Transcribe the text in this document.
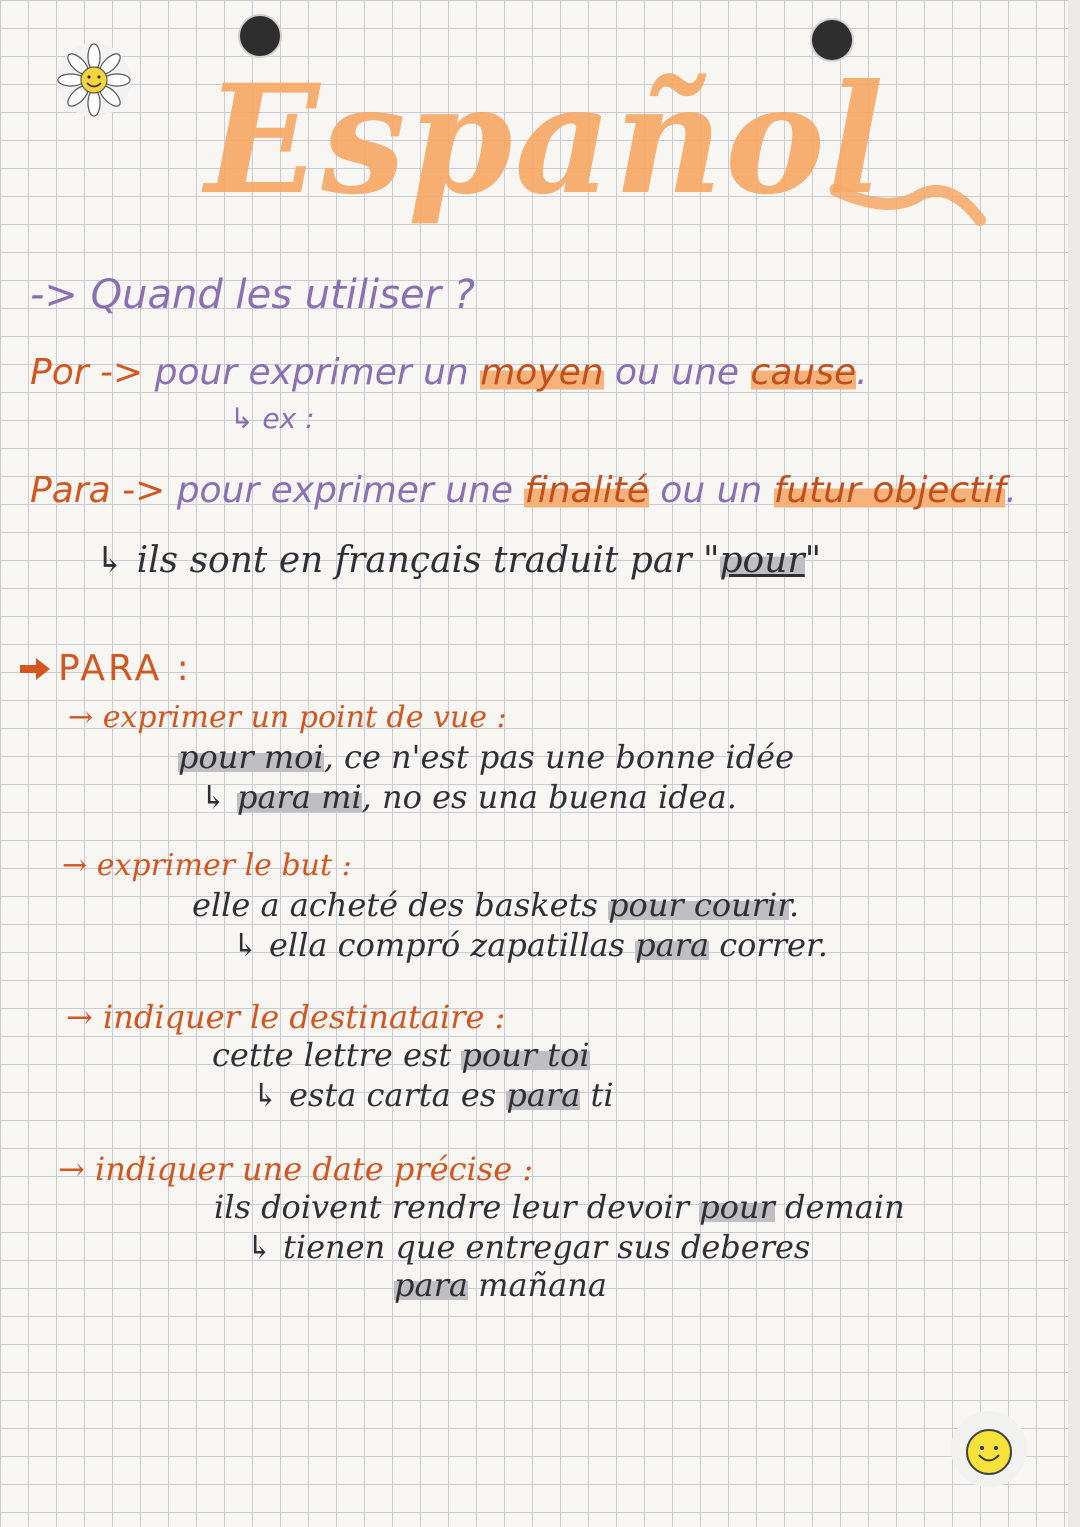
Español
-> Quand les utiliser ?
Por -> pour exprimer un moyen ou une cause.
↳ ex :
Para -> pour exprimer une finalité ou un futur objectif.
↳ ils sont en français traduit par "pour"
PARA :
→ exprimer un point de vue :
pour moi, ce n'est pas une bonne idée
↳ para mi, no es una buena idea.
→ exprimer le but :
elle a acheté des baskets pour courir.
↳ ella compró zapatillas para correr.
→ indiquer le destinataire :
cette lettre est pour toi
↳ esta carta es para ti
→ indiquer une date précise :
ils doivent rendre leur devoir pour demain
↳ tienen que entregar sus deberes
para mañana
